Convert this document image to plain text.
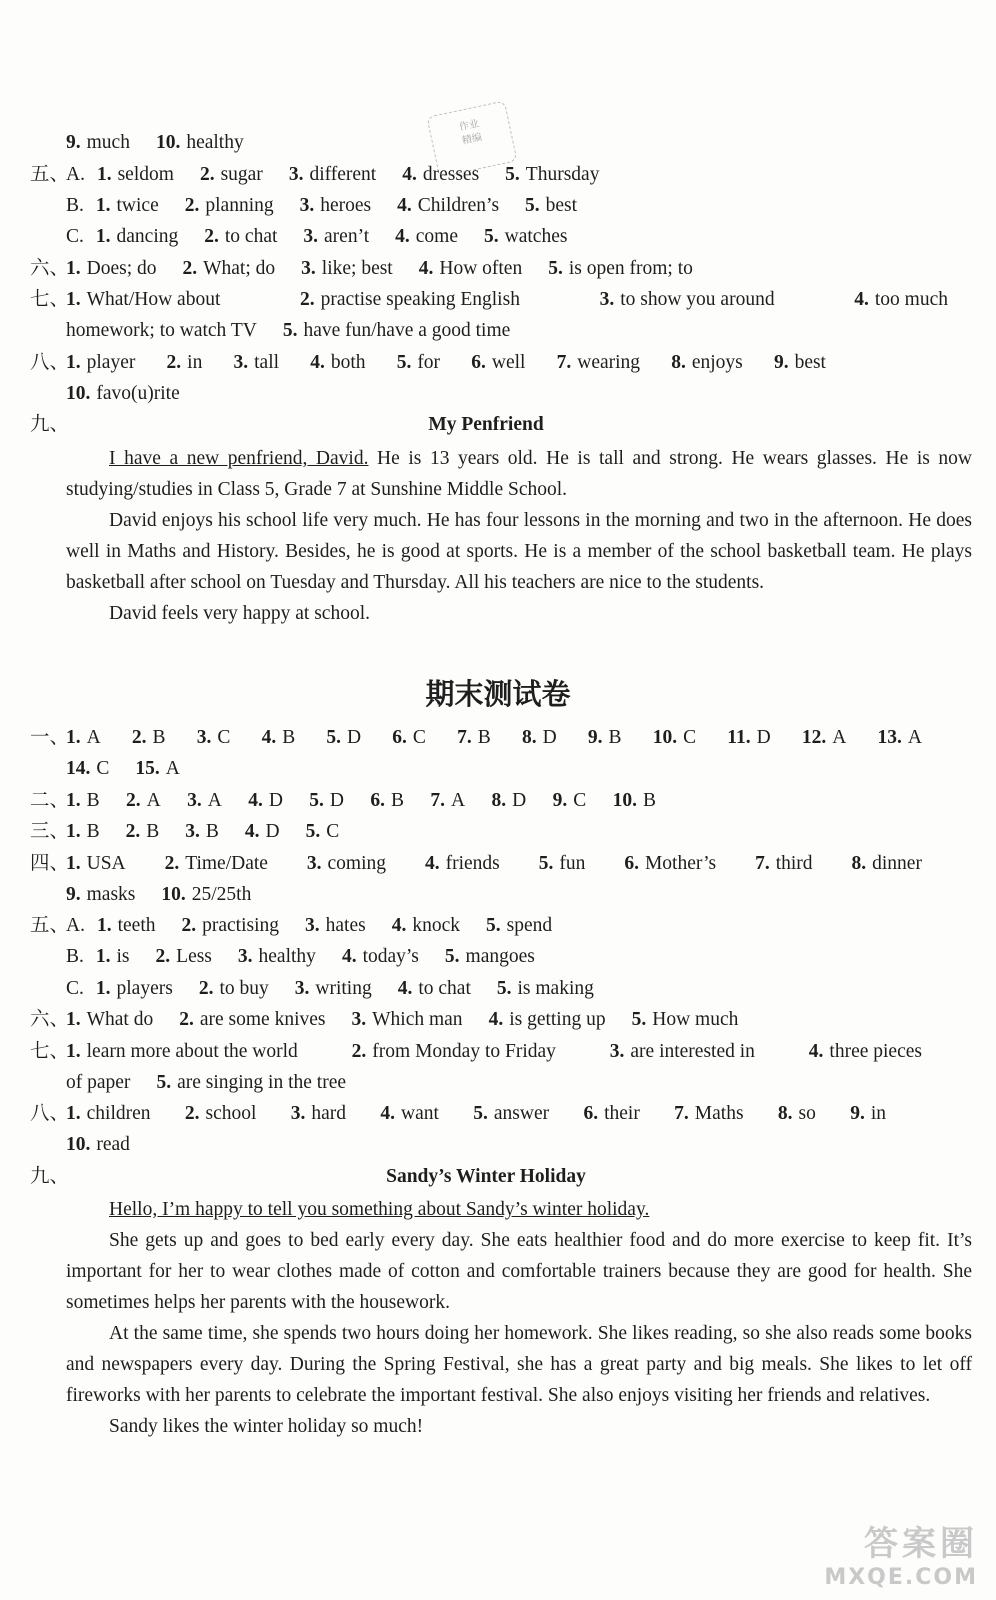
9. much 10. healthy
五、
A. 1. seldom 2. sugar 3. different 4. dresses 5. Thursday
B. 1. twice 2. planning 3. heroes 4. Children’s 5. best
C. 1. dancing 2. to chat 3. aren’t 4. come 5. watches
六、
1. Does; do 2. What; do 3. like; best 4. How often 5. is open from; to
七、
1. What/How about	2. practise speaking English	3. to show you around	4. too much
homework; to watch TV 5. have fun/have a good time
八、
1. player 2. in 3. tall 4. both 5. for 6. well 7. wearing 8. enjoys 9. best
10. favo(u)rite
九、	My Penfriend

I have a new penfriend, David. He is 13 years old. He is tall and strong. He wears glasses. He is now studying/studies in Class 5, Grade 7 at Sunshine Middle School.

David enjoys his school life very much. He has four lessons in the morning and two in the afternoon. He does well in Maths and History. Besides, he is good at sports. He is a member of the school basketball team. He plays basketball after school on Tuesday and Thursday. All his teachers are nice to the students.

David feels very happy at school.

作业
精编
期末测试卷
一、
1. A 2. B 3. C 4. B 5. D 6. C 7. B 8. D 9. B 10. C 11. D 12. A 13. A
14. C 15. A
二、
1. B 2. A 3. A 4. D 5. D 6. B 7. A 8. D 9. C 10. B
三、
1. B 2. B 3. B 4. D 5. C
四、
1. USA 2. Time/Date 3. coming 4. friends 5. fun 6. Mother’s 7. third 8. dinner
9. masks 10. 25/25th
五、
A. 1. teeth 2. practising 3. hates 4. knock 5. spend
B. 1. is 2. Less 3. healthy 4. today’s 5. mangoes
C. 1. players 2. to buy 3. writing 4. to chat 5. is making
六、
1. What do 2. are some knives 3. Which man 4. is getting up 5. How much
七、
1. learn more about the world	2. from Monday to Friday	3. are interested in	4. three pieces
of paper 5. are singing in the tree
八、
1. children 2. school 3. hard 4. want 5. answer 6. their 7. Maths 8. so 9. in
10. read
九、	Sandy’s Winter Holiday

Hello, I’m happy to tell you something about Sandy’s winter holiday.

She gets up and goes to bed early every day. She eats healthier food and do more exercise to keep fit. It’s important for her to wear clothes made of cotton and comfortable trainers because they are good for health. She sometimes helps her parents with the housework.

At the same time, she spends two hours doing her homework. She likes reading, so she also reads some books and newspapers every day. During the Spring Festival, she has a great party and big meals. She likes to let off fireworks with her parents to celebrate the important festival. She also enjoys visiting her friends and relatives.

Sandy likes the winter holiday so much!

答案圈
MXQE.COM
